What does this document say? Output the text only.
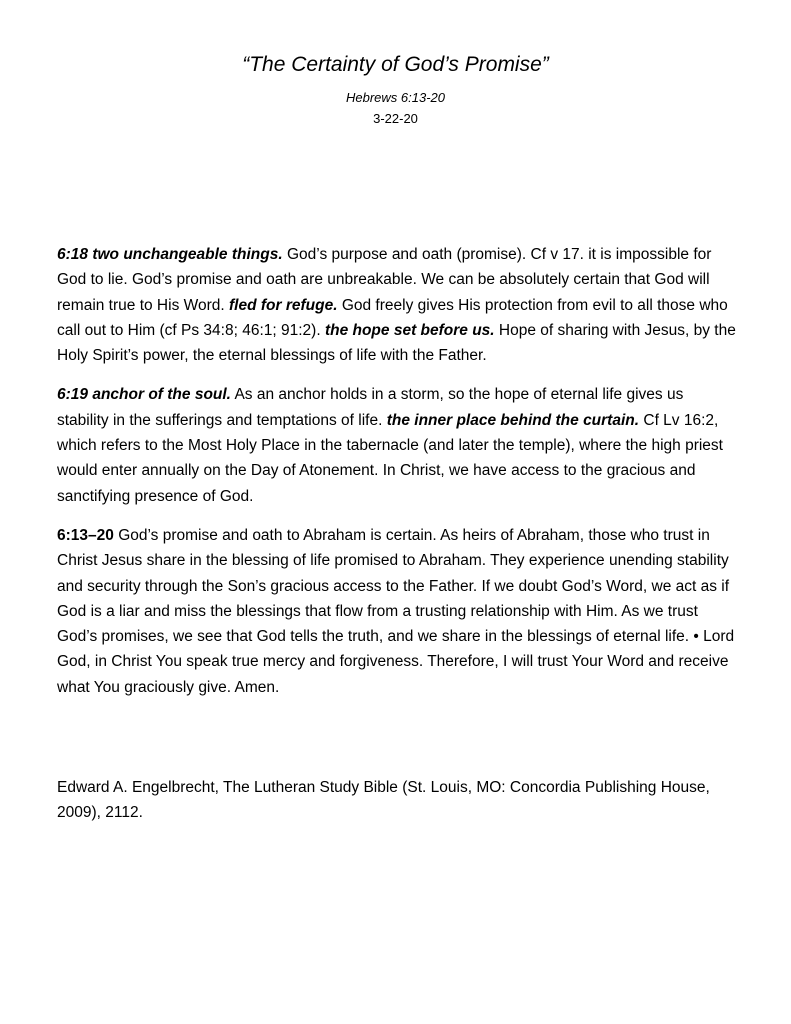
“The Certainty of God’s Promise”
Hebrews 6:13-20
3-22-20

6:18 two unchangeable things. God’s purpose and oath (promise). Cf v 17. it is impossible for God to lie. God’s promise and oath are unbreakable. We can be absolutely certain that God will remain true to His Word. fled for refuge. God freely gives His protection from evil to all those who call out to Him (cf Ps 34:8; 46:1; 91:2). the hope set before us. Hope of sharing with Jesus, by the Holy Spirit’s power, the eternal blessings of life with the Father.

6:19 anchor of the soul. As an anchor holds in a storm, so the hope of eternal life gives us stability in the sufferings and temptations of life. the inner place behind the curtain. Cf Lv 16:2, which refers to the Most Holy Place in the tabernacle (and later the temple), where the high priest would enter annually on the Day of Atonement. In Christ, we have access to the gracious and sanctifying presence of God.

6:13–20 God’s promise and oath to Abraham is certain. As heirs of Abraham, those who trust in Christ Jesus share in the blessing of life promised to Abraham. They experience unending stability and security through the Son’s gracious access to the Father. If we doubt God’s Word, we act as if God is a liar and miss the blessings that flow from a trusting relationship with Him. As we trust God’s promises, we see that God tells the truth, and we share in the blessings of eternal life. • Lord God, in Christ You speak true mercy and forgiveness. Therefore, I will trust Your Word and receive what You graciously give. Amen.

Edward A. Engelbrecht, The Lutheran Study Bible (St. Louis, MO: Concordia Publishing House, 2009), 2112.
